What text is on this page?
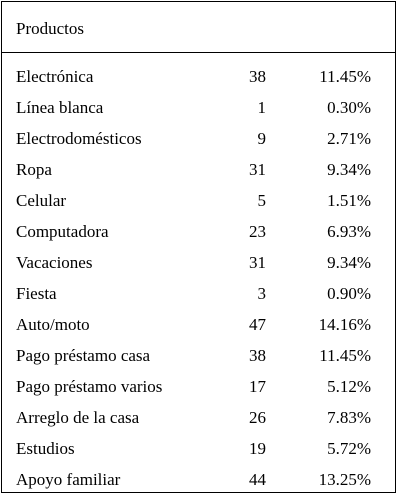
Productos
Electrónica	38	11.45%
Línea blanca	1	0.30%
Electrodomésticos	9	2.71%
Ropa	31	9.34%
Celular	5	1.51%
Computadora	23	6.93%
Vacaciones	31	9.34%
Fiesta	3	0.90%
Auto/moto	47	14.16%
Pago préstamo casa	38	11.45%
Pago préstamo varios	17	5.12%
Arreglo de la casa	26	7.83%
Estudios	19	5.72%
Apoyo familiar	44	13.25%
